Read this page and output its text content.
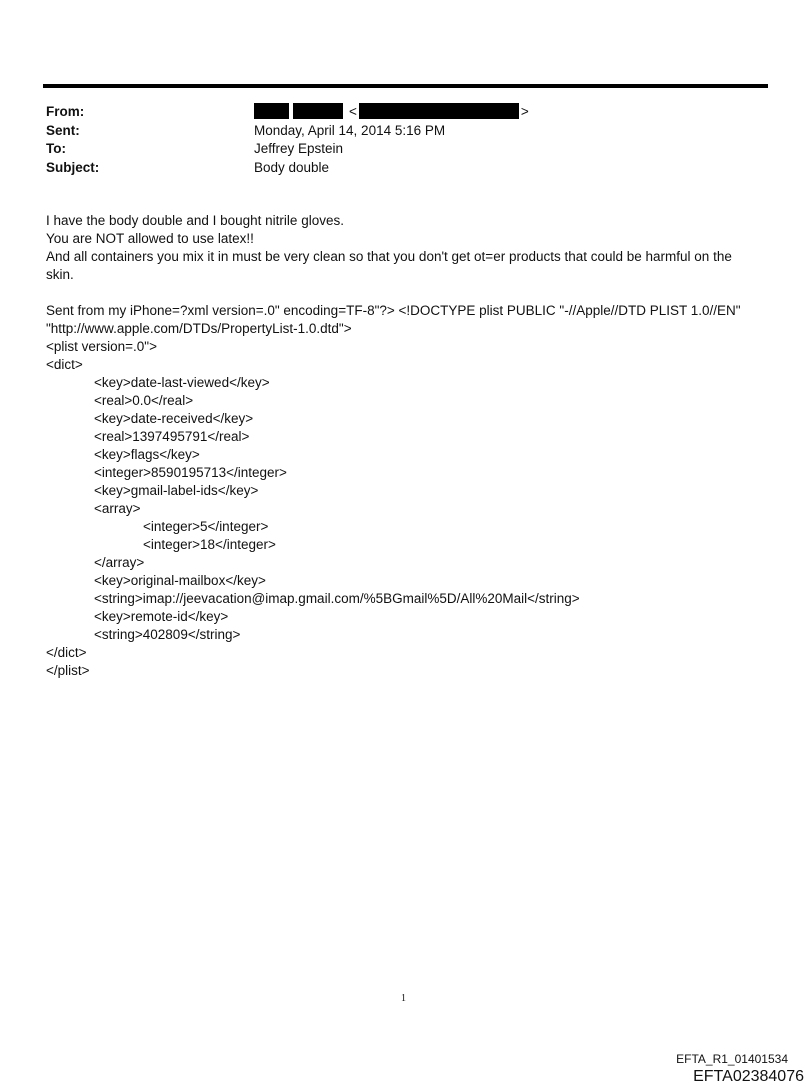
From:	<	>
Sent:	Monday, April 14, 2014 5:16 PM
To:	Jeffrey Epstein
Subject:	Body double
I have the body double and I bought nitrile gloves.
You are NOT allowed to use latex!!
And all containers you mix it in must be very clean so that you don't get ot=er products that could be harmful on the
skin.
Sent from my iPhone=?xml version=.0" encoding=TF-8"?> <!DOCTYPE plist PUBLIC "-//Apple//DTD PLIST 1.0//EN"
"http://www.apple.com/DTDs/PropertyList-1.0.dtd">
<plist version=.0">
<dict>
<key>date-last-viewed</key>
<real>0.0</real>
<key>date-received</key>
<real>1397495791</real>
<key>flags</key>
<integer>8590195713</integer>
<key>gmail-label-ids</key>
<array>
<integer>5</integer>
<integer>18</integer>
</array>
<key>original-mailbox</key>
<string>imap://jeevacation@imap.gmail.com/%5BGmail%5D/All%20Mail</string>
<key>remote-id</key>
<string>402809</string>
</dict>
</plist>
1
EFTA_R1_01401534
EFTA02384076
